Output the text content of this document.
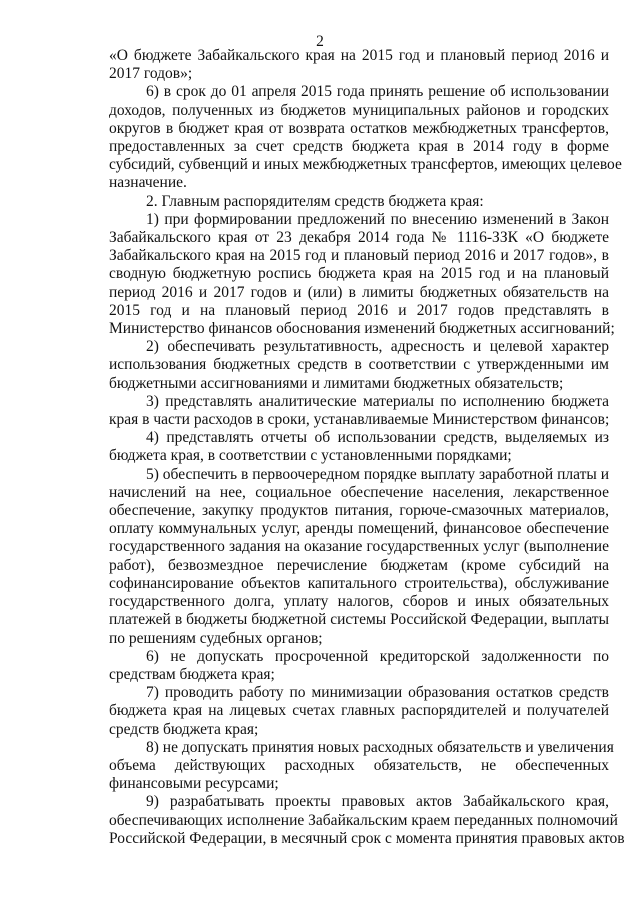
2
«О бюджете Забайкальского края на 2015 год и плановый период 2016 и
2017 годов»;
6) в срок до 01 апреля 2015 года принять решение об использовании
доходов, полученных из бюджетов муниципальных районов и городских
округов в бюджет края от возврата остатков межбюджетных трансфертов,
предоставленных за счет средств бюджета края в 2014 году в форме
субсидий, субвенций и иных межбюджетных трансфертов, имеющих целевое
назначение.
2. Главным распорядителям средств бюджета края:
1) при формировании предложений по внесению изменений в Закон
Забайкальского края от 23 декабря 2014 года № 1116-ЗЗК «О бюджете
Забайкальского края на 2015 год и плановый период 2016 и 2017 годов», в
сводную бюджетную роспись бюджета края на 2015 год и на плановый
период 2016 и 2017 годов и (или) в лимиты бюджетных обязательств на
2015 год и на плановый период 2016 и 2017 годов представлять в
Министерство финансов обоснования изменений бюджетных ассигнований;
2) обеспечивать результативность, адресность и целевой характер
использования бюджетных средств в соответствии с утвержденными им
бюджетными ассигнованиями и лимитами бюджетных обязательств;
3) представлять аналитические материалы по исполнению бюджета
края в части расходов в сроки, устанавливаемые Министерством финансов;
4) представлять отчеты об использовании средств, выделяемых из
бюджета края, в соответствии с установленными порядками;
5) обеспечить в первоочередном порядке выплату заработной платы и
начислений на нее, социальное обеспечение населения, лекарственное
обеспечение, закупку продуктов питания, горюче-смазочных материалов,
оплату коммунальных услуг, аренды помещений, финансовое обеспечение
государственного задания на оказание государственных услуг (выполнение
работ), безвозмездное перечисление бюджетам (кроме субсидий на
софинансирование объектов капитального строительства), обслуживание
государственного долга, уплату налогов, сборов и иных обязательных
платежей в бюджеты бюджетной системы Российской Федерации, выплаты
по решениям судебных органов;
6) не допускать просроченной кредиторской задолженности по
средствам бюджета края;
7) проводить работу по минимизации образования остатков средств
бюджета края на лицевых счетах главных распорядителей и получателей
средств бюджета края;
8) не допускать принятия новых расходных обязательств и увеличения
объема действующих расходных обязательств, не обеспеченных
финансовыми ресурсами;
9) разрабатывать проекты правовых актов Забайкальского края,
обеспечивающих исполнение Забайкальским краем переданных полномочий
Российской Федерации, в месячный срок с момента принятия правовых актов
